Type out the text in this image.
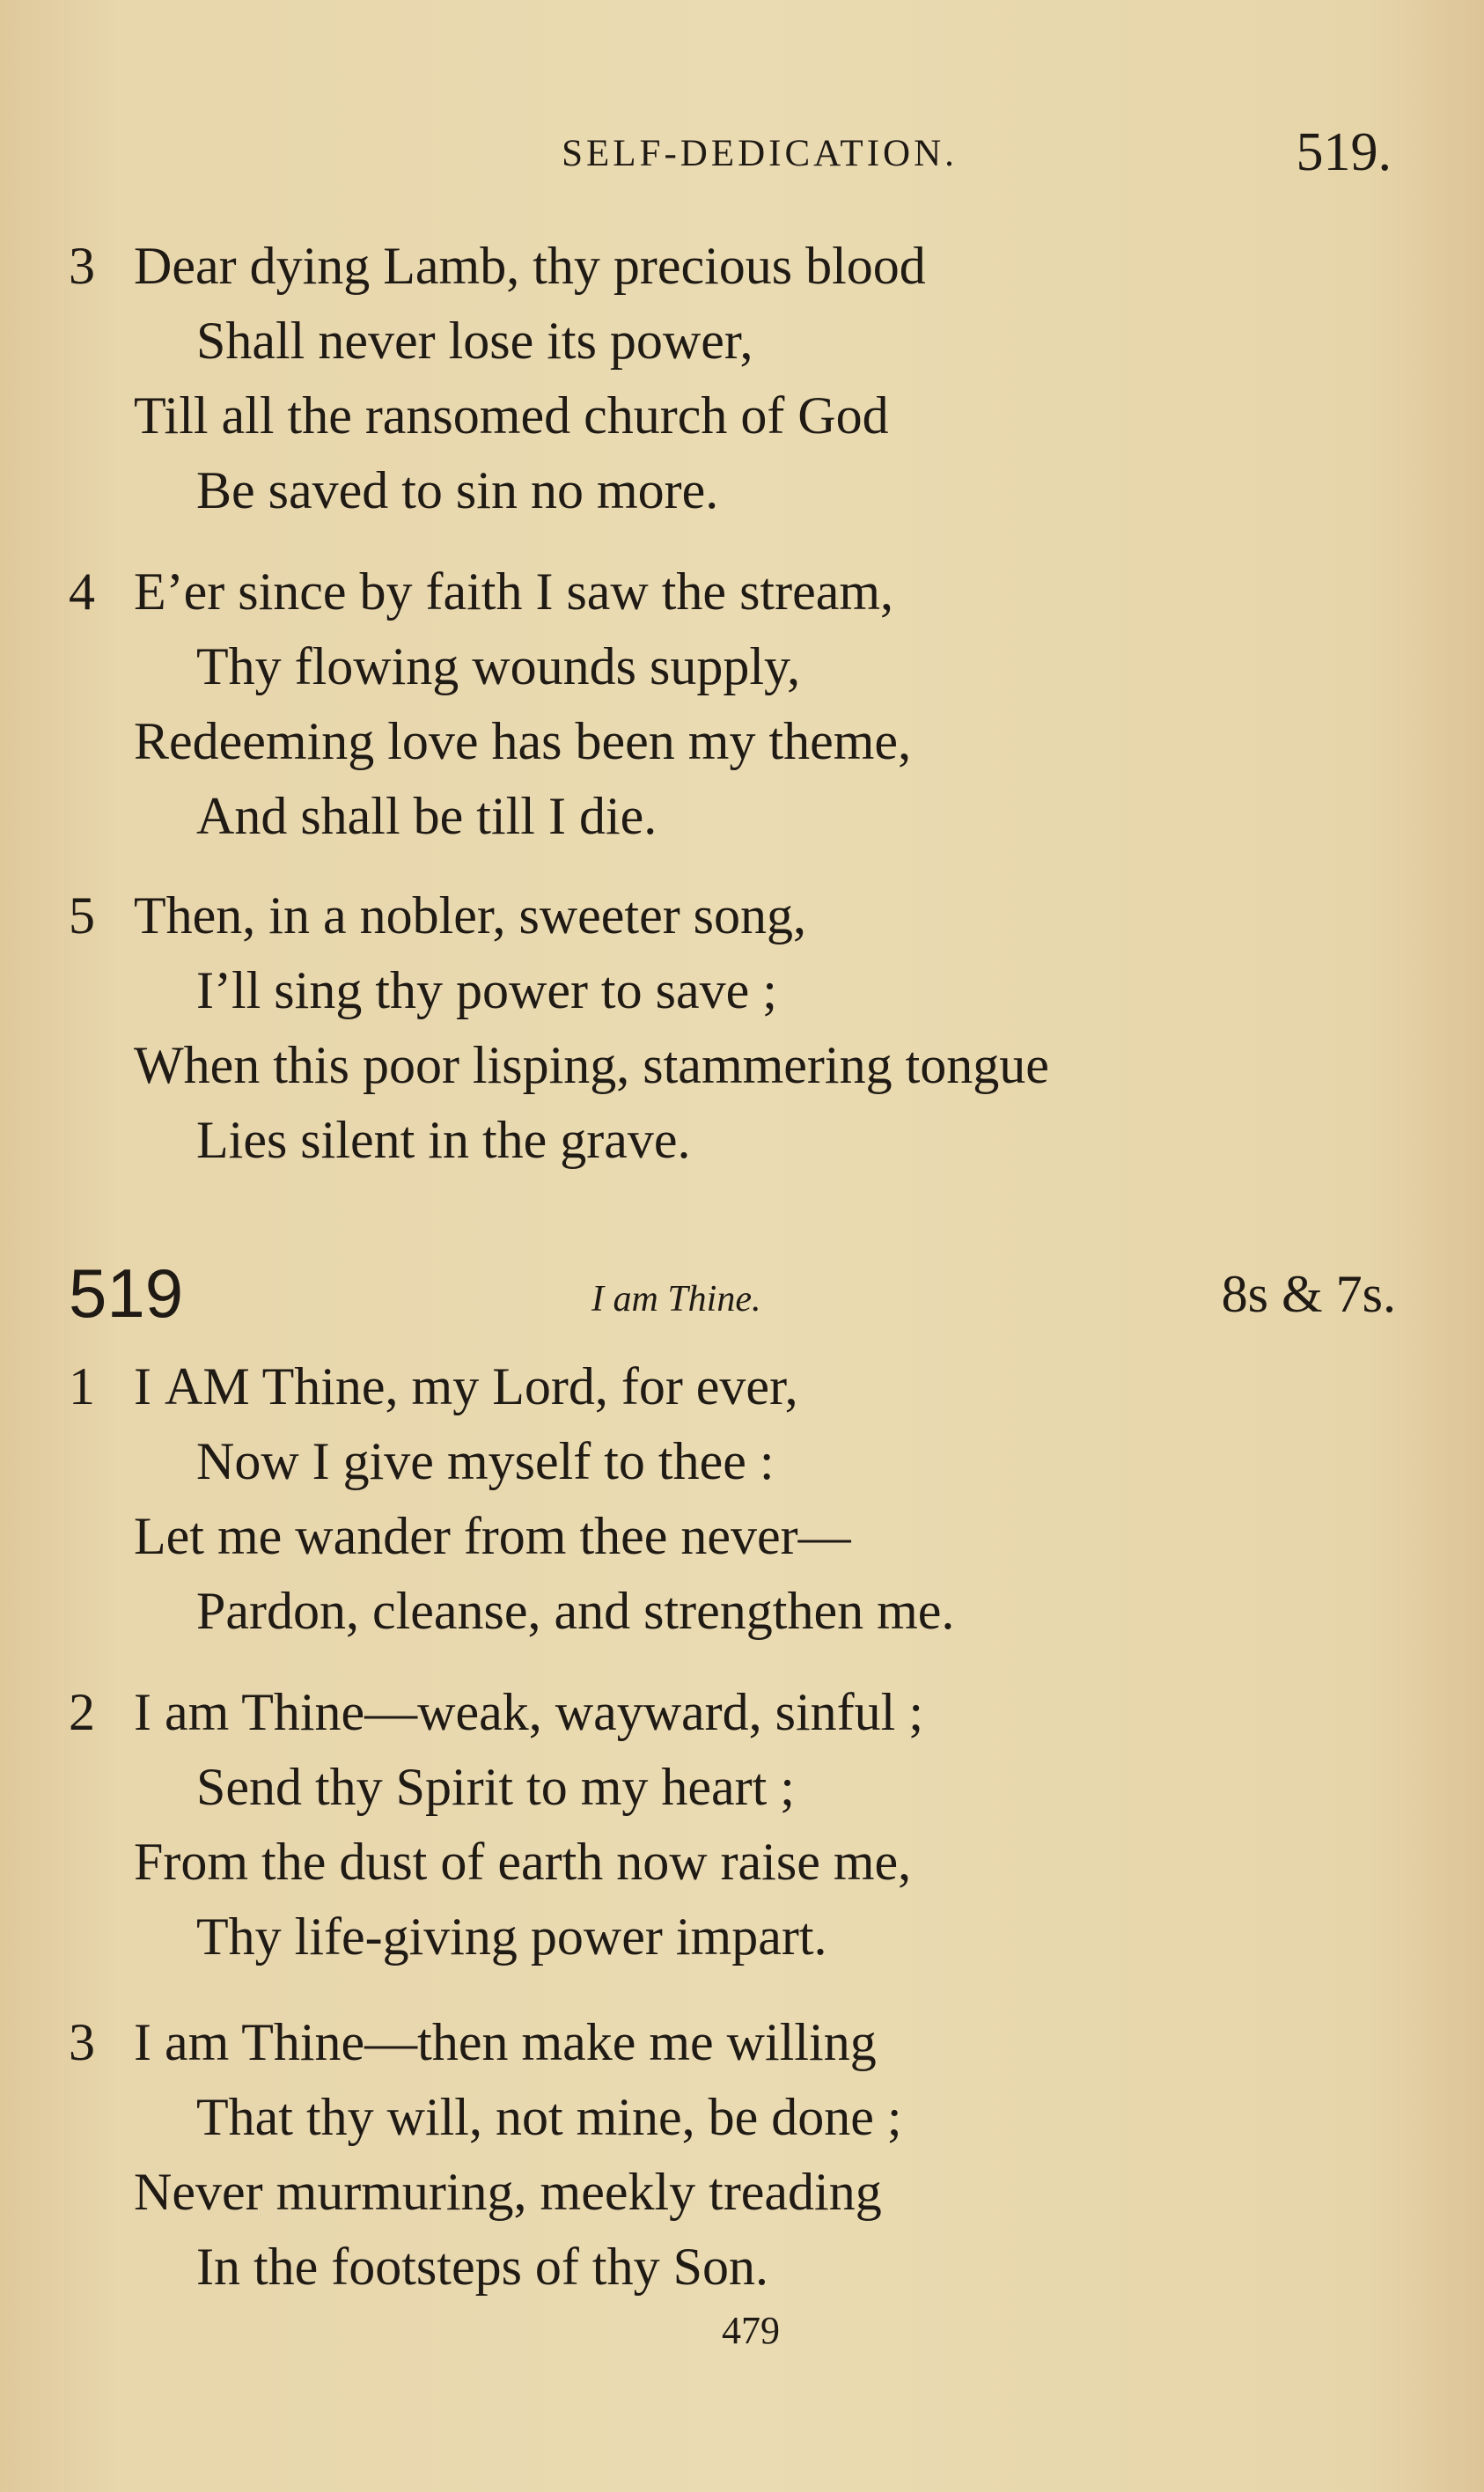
SELF-DEDICATION.	519.
3 Dear dying Lamb, thy precious blood
Shall never lose its power,
Till all the ransomed church of God
Be saved to sin no more.
4 E’er since by faith I saw the stream,
Thy flowing wounds supply,
Redeeming love has been my theme,
And shall be till I die.
5 Then, in a nobler, sweeter song,
I’ll sing thy power to save ;
When this poor lisping, stammering tongue
Lies silent in the grave.
519	I am Thine.	8s & 7s.
1 I AM Thine, my Lord, for ever,
Now I give myself to thee :
Let me wander from thee never—
Pardon, cleanse, and strengthen me.
2 I am Thine—weak, wayward, sinful ;
Send thy Spirit to my heart ;
From the dust of earth now raise me,
Thy life-giving power impart.
3 I am Thine—then make me willing
That thy will, not mine, be done ;
Never murmuring, meekly treading
In the footsteps of thy Son.
479
